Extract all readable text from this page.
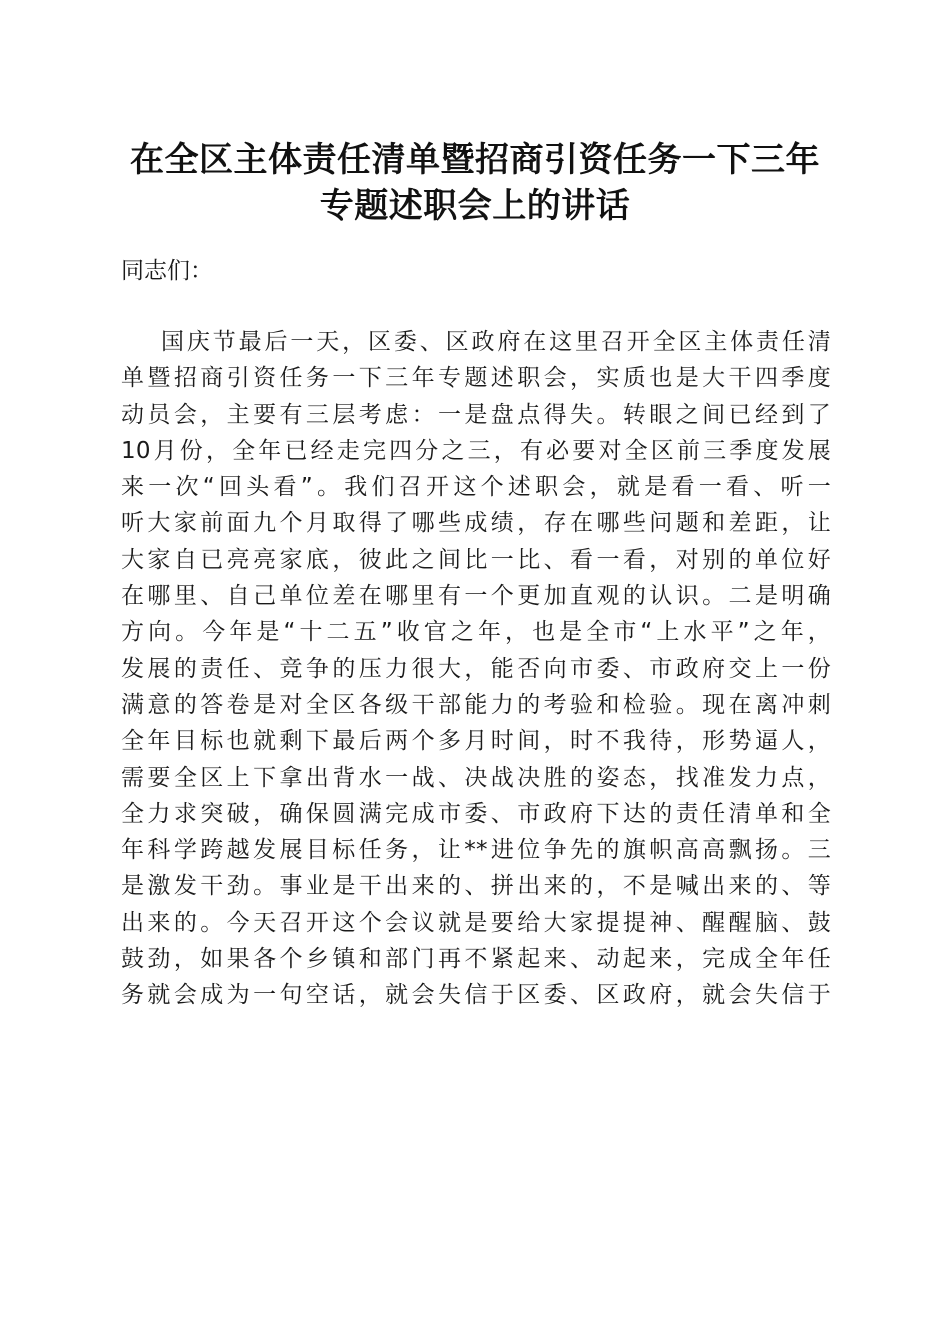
在全区主体责任清单暨招商引资任务一下三年
专题述职会上的讲话
同志们：
国庆节最后一天，区委、区政府在这里召开全区主体责任清
单暨招商引资任务一下三年专题述职会，实质也是大干四季度
动员会，主要有三层考虑：一是盘点得失。转眼之间已经到了
10月份，全年已经走完四分之三，有必要对全区前三季度发展
来一次“回头看”。我们召开这个述职会，就是看一看、听一
听大家前面九个月取得了哪些成绩，存在哪些问题和差距，让
大家自已亮亮家底，彼此之间比一比、看一看，对别的单位好
在哪里、自己单位差在哪里有一个更加直观的认识。二是明确
方向。今年是“十二五”收官之年，也是全市“上水平”之年，
发展的责任、竞争的压力很大，能否向市委、市政府交上一份
满意的答卷是对全区各级干部能力的考验和检验。现在离冲刺
全年目标也就剩下最后两个多月时间，时不我待，形势逼人，
需要全区上下拿出背水一战、决战决胜的姿态，找准发力点，
全力求突破，确保圆满完成市委、市政府下达的责任清单和全
年科学跨越发展目标任务，让**进位争先的旗帜高高飘扬。三
是激发干劲。事业是干出来的、拼出来的，不是喊出来的、等
出来的。今天召开这个会议就是要给大家提提神、醒醒脑、鼓
鼓劲，如果各个乡镇和部门再不紧起来、动起来，完成全年任
务就会成为一句空话，就会失信于区委、区政府，就会失信于
